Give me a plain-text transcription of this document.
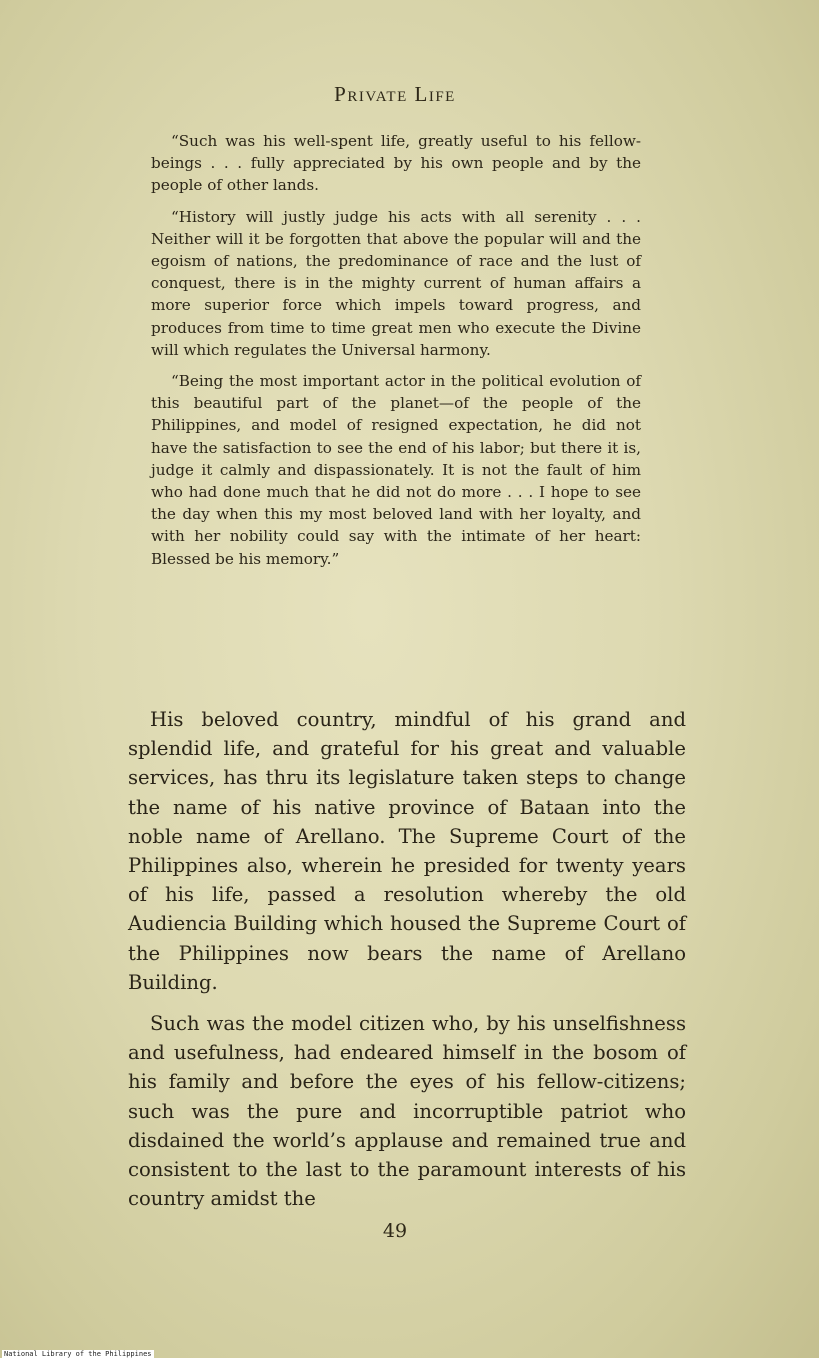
Private Life

“Such was his well-spent life, greatly useful to his fellow-beings . . . fully appreciated by his own people and by the people of other lands.

“History will justly judge his acts with all serenity . . . Neither will it be forgotten that above the popular will and the egoism of nations, the predominance of race and the lust of conquest, there is in the mighty current of human affairs a more superior force which impels toward progress, and produces from time to time great men who execute the Divine will which regulates the Universal harmony.

“Being the most important actor in the political evolution of this beautiful part of the planet—of the people of the Philippines, and model of resigned expectation, he did not have the satisfaction to see the end of his labor; but there it is, judge it calmly and dispassionately. It is not the fault of him who had done much that he did not do more . . . I hope to see the day when this my most beloved land with her loyalty, and with her nobility could say with the intimate of her heart: Blessed be his memory.”

His beloved country, mindful of his grand and splendid life, and grateful for his great and valuable services, has thru its legislature taken steps to change the name of his native province of Bataan into the noble name of Arellano. The Supreme Court of the Philippines also, wherein he presided for twenty years of his life, passed a resolution whereby the old Audiencia Building which housed the Supreme Court of the Philippines now bears the name of Arellano Building.

Such was the model citizen who, by his unselfishness and usefulness, had endeared himself in the bosom of his family and before the eyes of his fellow-citizens; such was the pure and incorruptible patriot who disdained the world’s applause and remained true and consistent to the last to the paramount interests of his country amidst the

49
National Library of the Philippines
